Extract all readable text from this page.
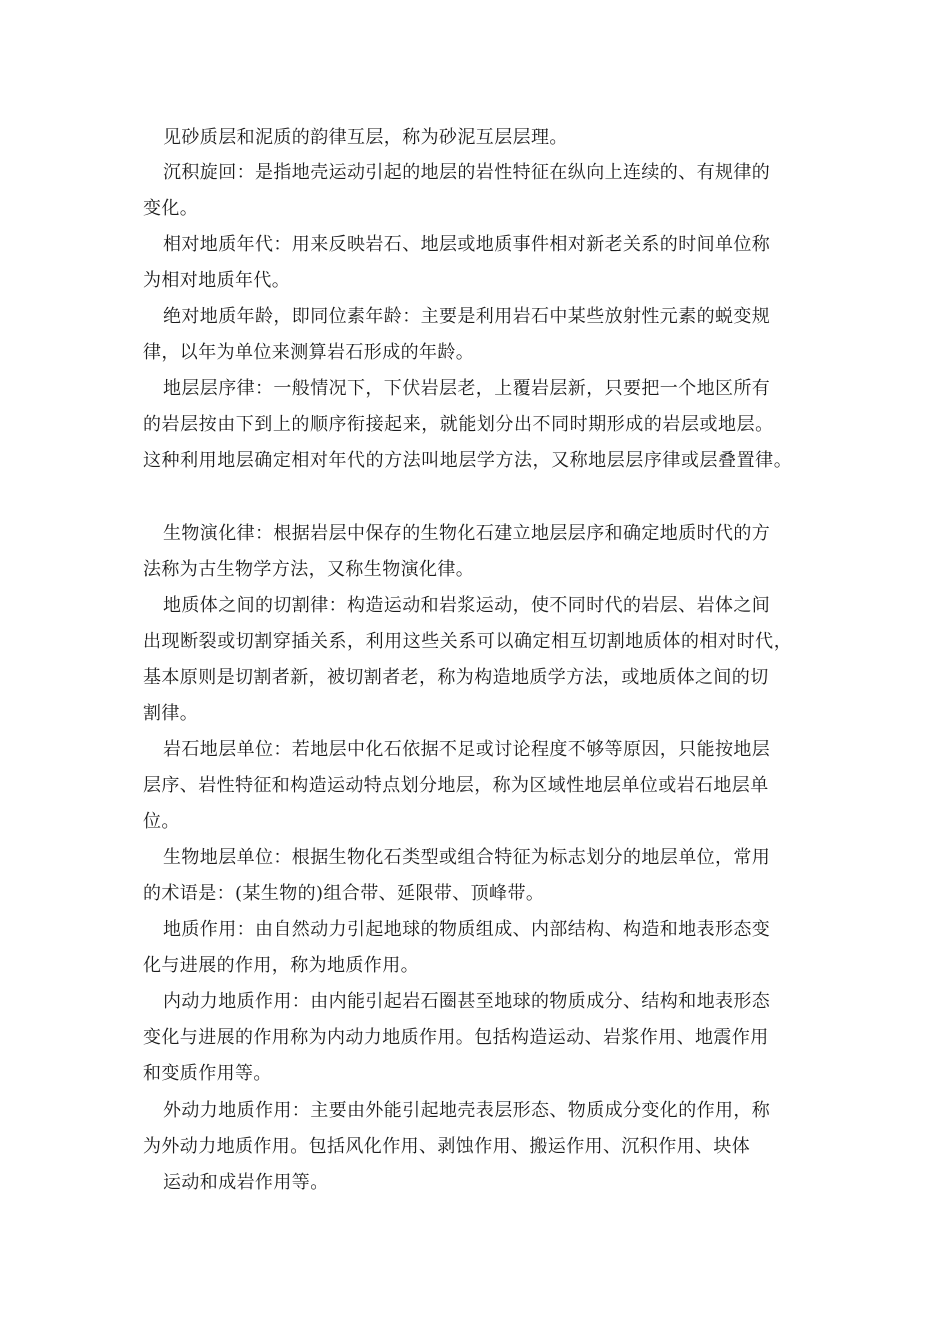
见砂质层和泥质的韵律互层，称为砂泥互层层理。

沉积旋回：是指地壳运动引起的地层的岩性特征在纵向上连续的、有规律的

变化。

相对地质年代：用来反映岩石、地层或地质事件相对新老关系的时间单位称

为相对地质年代。

绝对地质年龄，即同位素年龄：主要是利用岩石中某些放射性元素的蜕变规

律，以年为单位来测算岩石形成的年龄。

地层层序律：一般情况下，下伏岩层老，上覆岩层新，只要把一个地区所有

的岩层按由下到上的顺序衔接起来，就能划分出不同时期形成的岩层或地层。

这种利用地层确定相对年代的方法叫地层学方法，又称地层层序律或层叠置律。

生物演化律：根据岩层中保存的生物化石建立地层层序和确定地质时代的方

法称为古生物学方法，又称生物演化律。

地质体之间的切割律：构造运动和岩浆运动，使不同时代的岩层、岩体之间

出现断裂或切割穿插关系，利用这些关系可以确定相互切割地质体的相对时代，

基本原则是切割者新，被切割者老，称为构造地质学方法，或地质体之间的切

割律。

岩石地层单位：若地层中化石依据不足或讨论程度不够等原因，只能按地层

层序、岩性特征和构造运动特点划分地层，称为区域性地层单位或岩石地层单

位。

生物地层单位：根据生物化石类型或组合特征为标志划分的地层单位，常用

的术语是：(某生物的)组合带、延限带、顶峰带。

地质作用：由自然动力引起地球的物质组成、内部结构、构造和地表形态变

化与进展的作用，称为地质作用。

内动力地质作用：由内能引起岩石圈甚至地球的物质成分、结构和地表形态

变化与进展的作用称为内动力地质作用。包括构造运动、岩浆作用、地震作用

和变质作用等。

外动力地质作用：主要由外能引起地壳表层形态、物质成分变化的作用，称

为外动力地质作用。包括风化作用、剥蚀作用、搬运作用、沉积作用、块体

运动和成岩作用等。
